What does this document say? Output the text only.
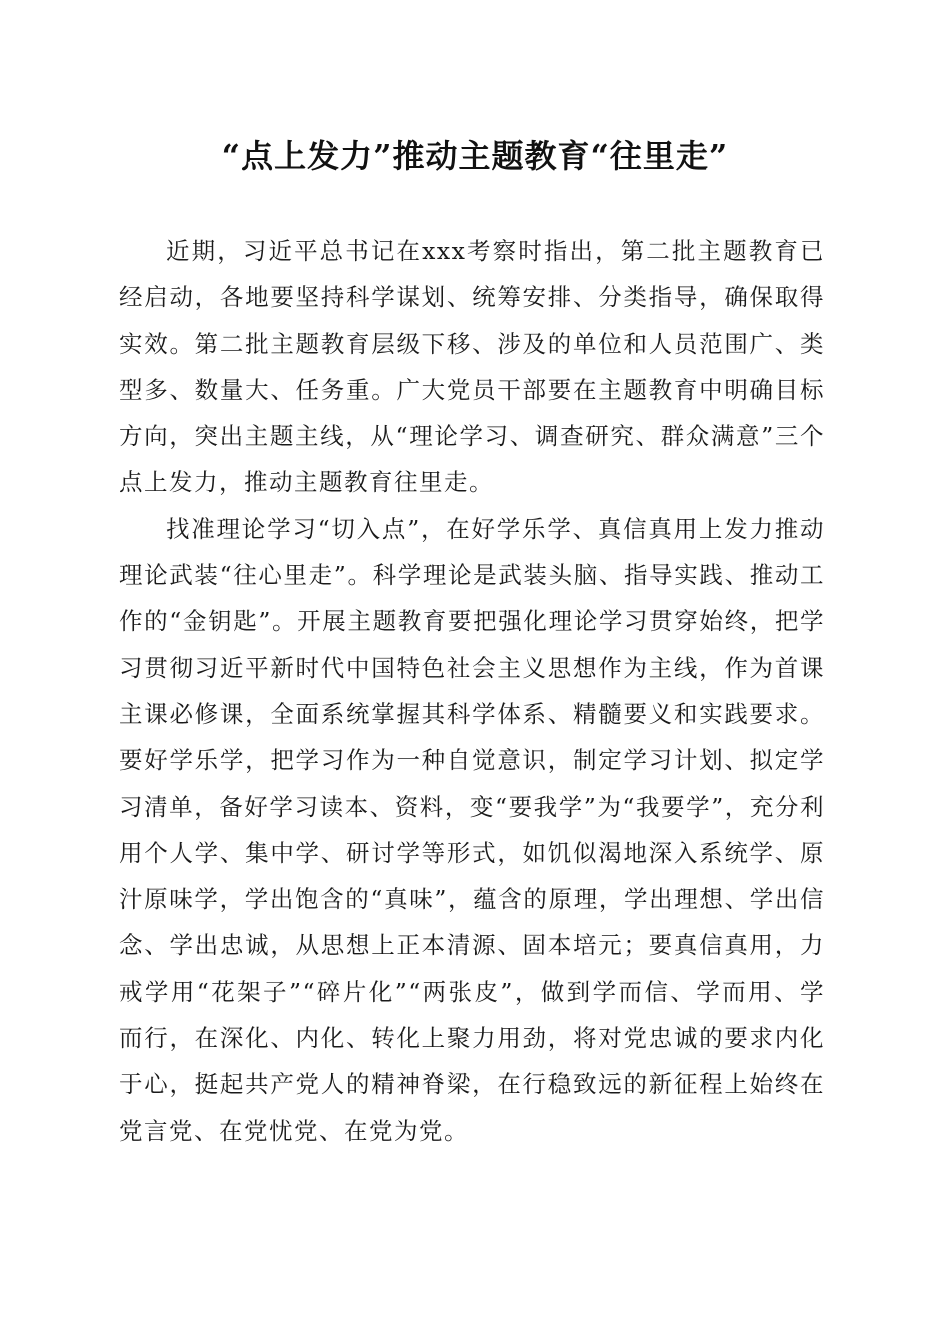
“点上发力”推动主题教育“往里走”

近期，习近平总书记在xxx考察时指出，第二批主题教育已经启动，各地要坚持科学谋划、统筹安排、分类指导，确保取得实效。第二批主题教育层级下移、涉及的单位和人员范围广、类型多、数量大、任务重。广大党员干部要在主题教育中明确目标方向，突出主题主线，从“理论学习、调查研究、群众满意”三个点上发力，推动主题教育往里走。

找准理论学习“切入点”，在好学乐学、真信真用上发力推动理论武装“往心里走”。科学理论是武装头脑、指导实践、推动工作的“金钥匙”。开展主题教育要把强化理论学习贯穿始终，把学习贯彻习近平新时代中国特色社会主义思想作为主线，作为首课主课必修课，全面系统掌握其科学体系、精髓要义和实践要求。要好学乐学，把学习作为一种自觉意识，制定学习计划、拟定学习清单，备好学习读本、资料，变“要我学”为“我要学”，充分利用个人学、集中学、研讨学等形式，如饥似渴地深入系统学、原汁原味学，学出饱含的“真味”，蕴含的原理，学出理想、学出信念、学出忠诚，从思想上正本清源、固本培元；要真信真用，力戒学用“花架子”“碎片化”“两张皮”，做到学而信、学而用、学而行，在深化、内化、转化上聚力用劲，将对党忠诚的要求内化于心，挺起共产党人的精神脊梁，在行稳致远的新征程上始终在党言党、在党忧党、在党为党。
